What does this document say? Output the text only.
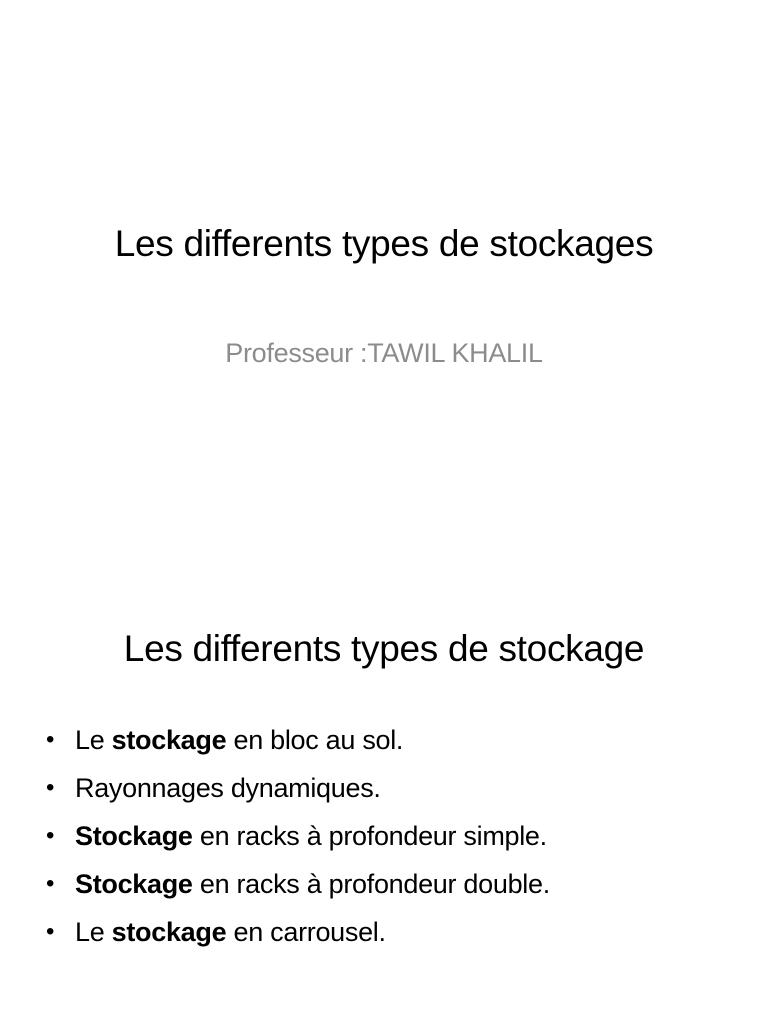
Les differents types de stockages
Professeur :TAWIL KHALIL
Les differents types de stockage
• Le stockage en bloc au sol.
• Rayonnages dynamiques.
• Stockage en racks à profondeur simple.
• Stockage en racks à profondeur double.
• Le stockage en carrousel.
